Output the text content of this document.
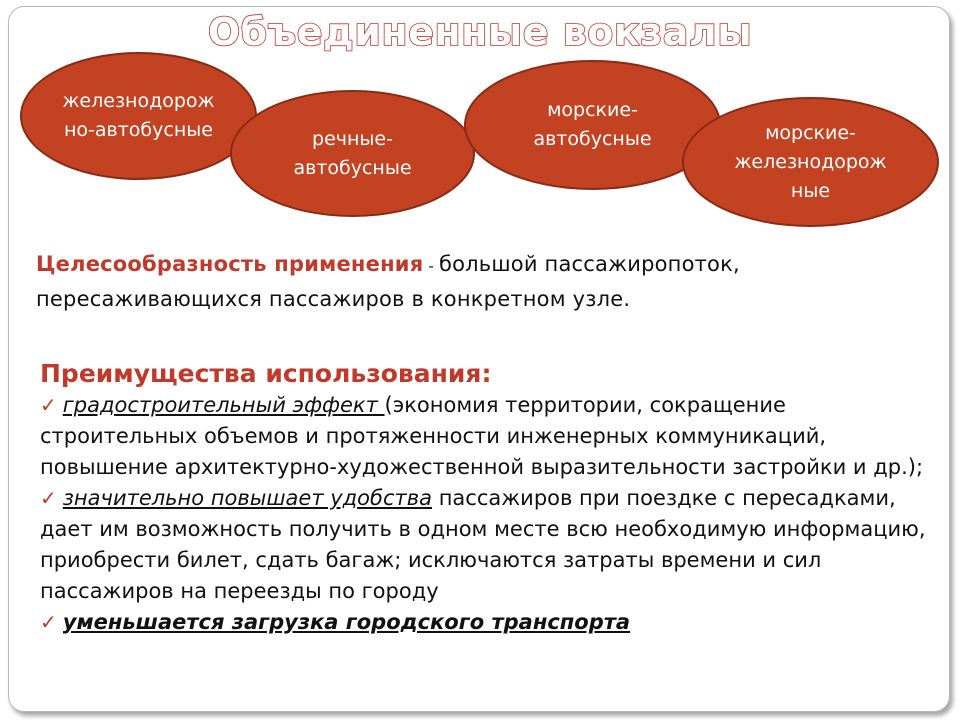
Объединенные вокзалы
железнодорож
но-автобусные	речные-
автобусные
морские-
автобусные	морские-
железнодорож
ные

Целесообразность применения - большой пассажиропоток, пересаживающихся пассажиров в конкретном узле.

Преимущества использования:
✓ градостроительный эффект (экономия территории, сокращение строительных объемов и протяженности инженерных коммуникаций, повышение архитектурно-художественной выразительности застройки и др.);
✓ значительно повышает удобства пассажиров при поездке с пересадками, дает им возможность получить в одном месте всю необходимую информацию, приобрести билет, сдать багаж; исключаются затраты времени и сил пассажиров на переезды по городу
✓ уменьшается загрузка городского транспорта
